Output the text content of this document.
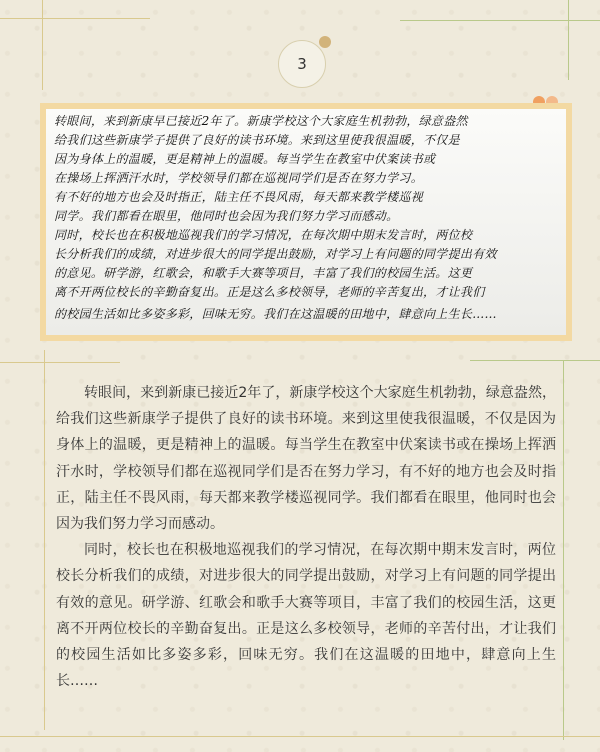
3
转眼间，来到新康早已接近2年了。新康学校这个大家庭生机勃勃，绿意盎然
给我们这些新康学子提供了良好的读书环境。来到这里使我很温暖，不仅是
因为身体上的温暖，更是精神上的温暖。每当学生在教室中伏案读书或
在操场上挥洒汗水时，学校领导们都在巡视同学们是否在努力学习。
有不好的地方也会及时指正，陆主任不畏风雨，每天都来教学楼巡视
同学。我们都看在眼里，他同时也会因为我们努力学习而感动。
同时，校长也在积极地巡视我们的学习情况，在每次期中期末发言时，两位校
长分析我们的成绩，对进步很大的同学提出鼓励，对学习上有问题的同学提出有效
的意见。研学游，红歌会，和歌手大赛等项目，丰富了我们的校园生活。这更
离不开两位校长的辛勤奋复出。正是这么多校领导，老师的辛苦复出，才让我们
的校园生活如比多姿多彩，回味无穷。我们在这温暖的田地中，肆意向上生长……

转眼间，来到新康已接近2年了，新康学校这个大家庭生机勃勃，绿意盎然，给我们这些新康学子提供了良好的读书环境。来到这里使我很温暖，不仅是因为身体上的温暖，更是精神上的温暖。每当学生在教室中伏案读书或在操场上挥洒汗水时，学校领导们都在巡视同学们是否在努力学习，有不好的地方也会及时指正，陆主任不畏风雨，每天都来教学楼巡视同学。我们都看在眼里，他同时也会因为我们努力学习而感动。

同时，校长也在积极地巡视我们的学习情况，在每次期中期末发言时，两位校长分析我们的成绩，对进步很大的同学提出鼓励，对学习上有问题的同学提出有效的意见。研学游、红歌会和歌手大赛等项目，丰富了我们的校园生活，这更离不开两位校长的辛勤奋复出。正是这么多校领导，老师的辛苦付出，才让我们的校园生活如比多姿多彩，回味无穷。我们在这温暖的田地中，肆意向上生长……
